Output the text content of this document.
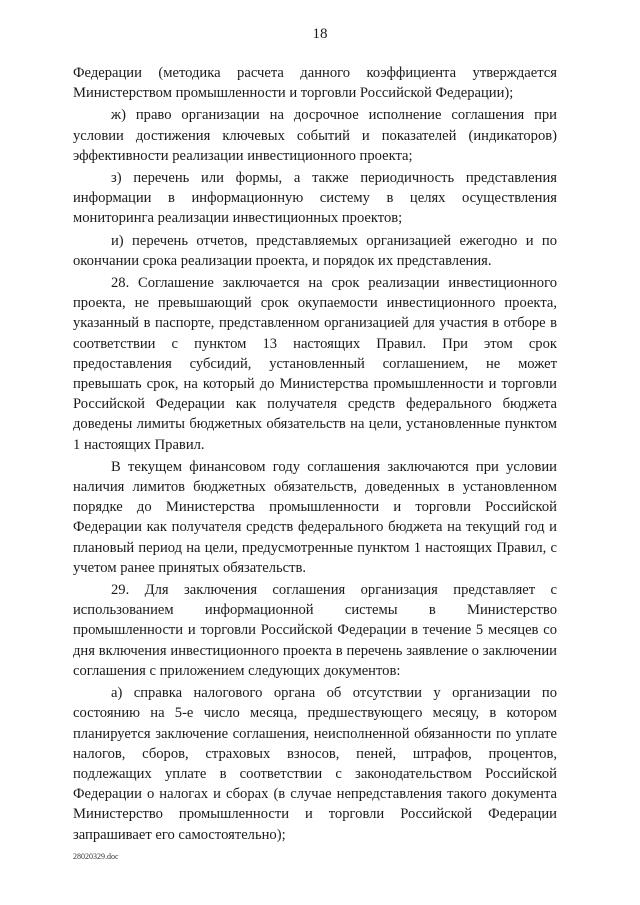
18

Федерации (методика расчета данного коэффициента утверждается Министерством промышленности и торговли Российской Федерации);

ж) право организации на досрочное исполнение соглашения при условии достижения ключевых событий и показателей (индикаторов) эффективности реализации инвестиционного проекта;

з) перечень или формы, а также периодичность представления информации в информационную систему в целях осуществления мониторинга реализации инвестиционных проектов;

и) перечень отчетов, представляемых организацией ежегодно и по окончании срока реализации проекта, и порядок их представления.

28. Соглашение заключается на срок реализации инвестиционного проекта, не превышающий срок окупаемости инвестиционного проекта, указанный в паспорте, представленном организацией для участия в отборе в соответствии с пунктом 13 настоящих Правил. При этом срок предоставления субсидий, установленный соглашением, не может превышать срок, на который до Министерства промышленности и торговли Российской Федерации как получателя средств федерального бюджета доведены лимиты бюджетных обязательств на цели, установленные пунктом 1 настоящих Правил.

В текущем финансовом году соглашения заключаются при условии наличия лимитов бюджетных обязательств, доведенных в установленном порядке до Министерства промышленности и торговли Российской Федерации как получателя средств федерального бюджета на текущий год и плановый период на цели, предусмотренные пунктом 1 настоящих Правил, с учетом ранее принятых обязательств.

29. Для заключения соглашения организация представляет с использованием информационной системы в Министерство промышленности и торговли Российской Федерации в течение 5 месяцев со дня включения инвестиционного проекта в перечень заявление о заключении соглашения с приложением следующих документов:

а) справка налогового органа об отсутствии у организации по состоянию на 5-е число месяца, предшествующего месяцу, в котором планируется заключение соглашения, неисполненной обязанности по уплате налогов, сборов, страховых взносов, пеней, штрафов, процентов, подлежащих уплате в соответствии с законодательством Российской Федерации о налогах и сборах (в случае непредставления такого документа Министерство промышленности и торговли Российской Федерации запрашивает его самостоятельно);

28020329.doc
